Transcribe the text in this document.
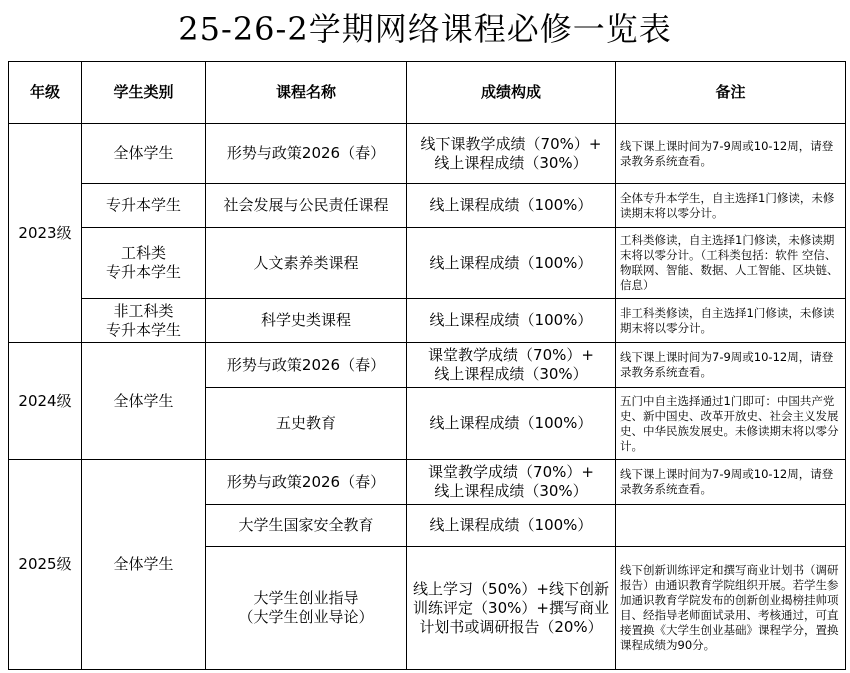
25-26-2学期网络课程必修一览表
年级	学生类别	课程名称	成绩构成	备注
2023级	全体学生	形势与政策2026（春）	线下课教学成绩（70%）+
线上课程成绩（30%）	线下课上课时间为7-9周或10-12周，请登录教务系统查看。
	专升本学生	社会发展与公民责任课程	线上课程成绩（100%）	全体专升本学生，自主选择1门修读，未修读期末将以零分计。
	工科类
专升本学生	人文素养类课程	线上课程成绩（100%）	工科类修读，自主选择1门修读，未修读期末将以零分计。（工科类包括：软件 空信、物联网、智能、数据、人工智能、区块链、信息）
	非工科类
专升本学生	科学史类课程	线上课程成绩（100%）	非工科类修读，自主选择1门修读，未修读期末将以零分计。
2024级	全体学生	形势与政策2026（春）	课堂教学成绩（70%）+
线上课程成绩（30%）	线下课上课时间为7-9周或10-12周，请登录教务系统查看。
		五史教育	线上课程成绩（100%）	五门中自主选择通过1门即可：中国共产党史、新中国史、改革开放史、社会主义发展史、中华民族发展史。未修读期末将以零分计。
2025级	全体学生	形势与政策2026（春）	课堂教学成绩（70%）+
线上课程成绩（30%）	线下课上课时间为7-9周或10-12周，请登录教务系统查看。
		大学生国家安全教育	线上课程成绩（100%）	
		大学生创业指导
（大学生创业导论）	线上学习（50%）+线下创新
训练评定（30%）+撰写商业
计划书或调研报告（20%）	线下创新训练评定和撰写商业计划书（调研报告）由通识教育学院组织开展。若学生参加通识教育学院发布的创新创业揭榜挂帅项目、经指导老师面试录用、考核通过，可直接置换《大学生创业基础》课程学分，置换课程成绩为90分。
